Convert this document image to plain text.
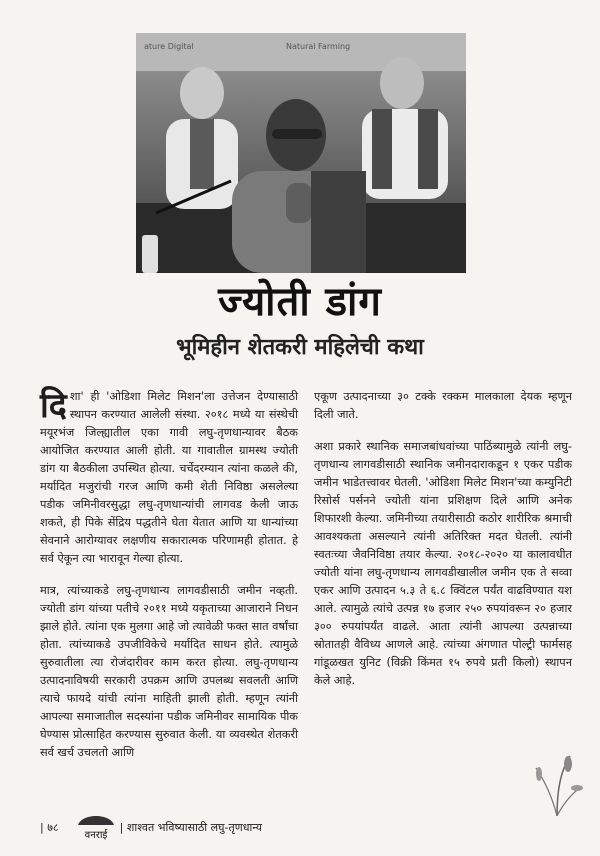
ature Digital	Natural Farming
ज्योती डांग
भूमिहीन शेतकरी महिलेची कथा

दिशा' ही 'ओडिशा मिलेट मिशन'ला उत्तेजन देण्यासाठी स्थापन करण्यात आलेली संस्था. २०१८ मध्ये या संस्थेची मयूरभंज जिल्ह्यातील एका गावी लघु-तृणधान्यावर बैठक आयोजित करण्यात आली होती. या गावातील ग्रामस्थ ज्योती डांग या बैठकीला उपस्थित होत्या. चर्चेदरम्यान त्यांना कळले की, मर्यादित मजुरांची गरज आणि कमी शेती निविष्ठा असलेल्या पडीक जमिनीवरसुद्धा लघु-तृणधान्यांची लागवड केली जाऊ शकते, ही पिके सेंद्रिय पद्धतीने घेता येतात आणि या धान्यांच्या सेवनाने आरोग्यावर लक्षणीय सकारात्मक परिणामही होतात. हे सर्व ऐकून त्या भारावून गेल्या होत्या.

मात्र, त्यांच्याकडे लघु-तृणधान्य लागवडीसाठी जमीन नव्हती. ज्योती डांग यांच्या पतीचे २०११ मध्ये यकृताच्या आजाराने निधन झाले होते. त्यांना एक मुलगा आहे जो त्यावेळी फक्त सात वर्षांचा होता. त्यांच्याकडे उपजीविकेचे मर्यादित साधन होते. त्यामुळे सुरुवातीला त्या रोजंदारीवर काम करत होत्या. लघु-तृणधान्य उत्पादनाविषयी सरकारी उपक्रम आणि उपलब्ध सवलती आणि त्याचे फायदे यांची त्यांना माहिती झाली होती. म्हणून त्यांनी आपल्या समाजातील सदस्यांना पडीक जमिनीवर सामायिक पीक घेण्यास प्रोत्साहित करण्यास सुरुवात केली. या व्यवस्थेत शेतकरी सर्व खर्च उचलतो आणि

एकूण उत्पादनाच्या ३० टक्के रक्कम मालकाला देयक म्हणून दिली जाते.

अशा प्रकारे स्थानिक समाजबांधवांच्या पाठिंब्यामुळे त्यांनी लघु-तृणधान्य लागवडीसाठी स्थानिक जमीनदाराकडून १ एकर पडीक जमीन भाडेतत्त्वावर घेतली. 'ओडिशा मिलेट मिशन'च्या कम्युनिटी रिसोर्स पर्सनने ज्योती यांना प्रशिक्षण दिले आणि अनेक शिफारशी केल्या. जमिनीच्या तयारीसाठी कठोर शारीरिक श्रमाची आवश्यकता असल्याने त्यांनी अतिरिक्त मदत घेतली. त्यांनी स्वतःच्या जैवनिविष्ठा तयार केल्या. २०१८-२०२० या कालावधीत ज्योती यांना लघु-तृणधान्य लागवडीखालील जमीन एक ते सव्वा एकर आणि उत्पादन ५.३ ते ६.८ क्विंटल पर्यंत वाढविण्यात यश आले. त्यामुळे त्यांचे उत्पन्न १७ हजार २५० रुपयांवरून २० हजार ३०० रुपयांपर्यंत वाढले. आता त्यांनी आपल्या उत्पन्नाच्या स्रोतातही वैविध्य आणले आहे. त्यांच्या अंगणात पोल्ट्री फार्मसह गांडूळखत युनिट (विक्री किंमत १५ रुपये प्रती किलो) स्थापन केले आहे.

| ७८	| शाश्वत भविष्यासाठी लघु-तृणधान्य
वनराई
